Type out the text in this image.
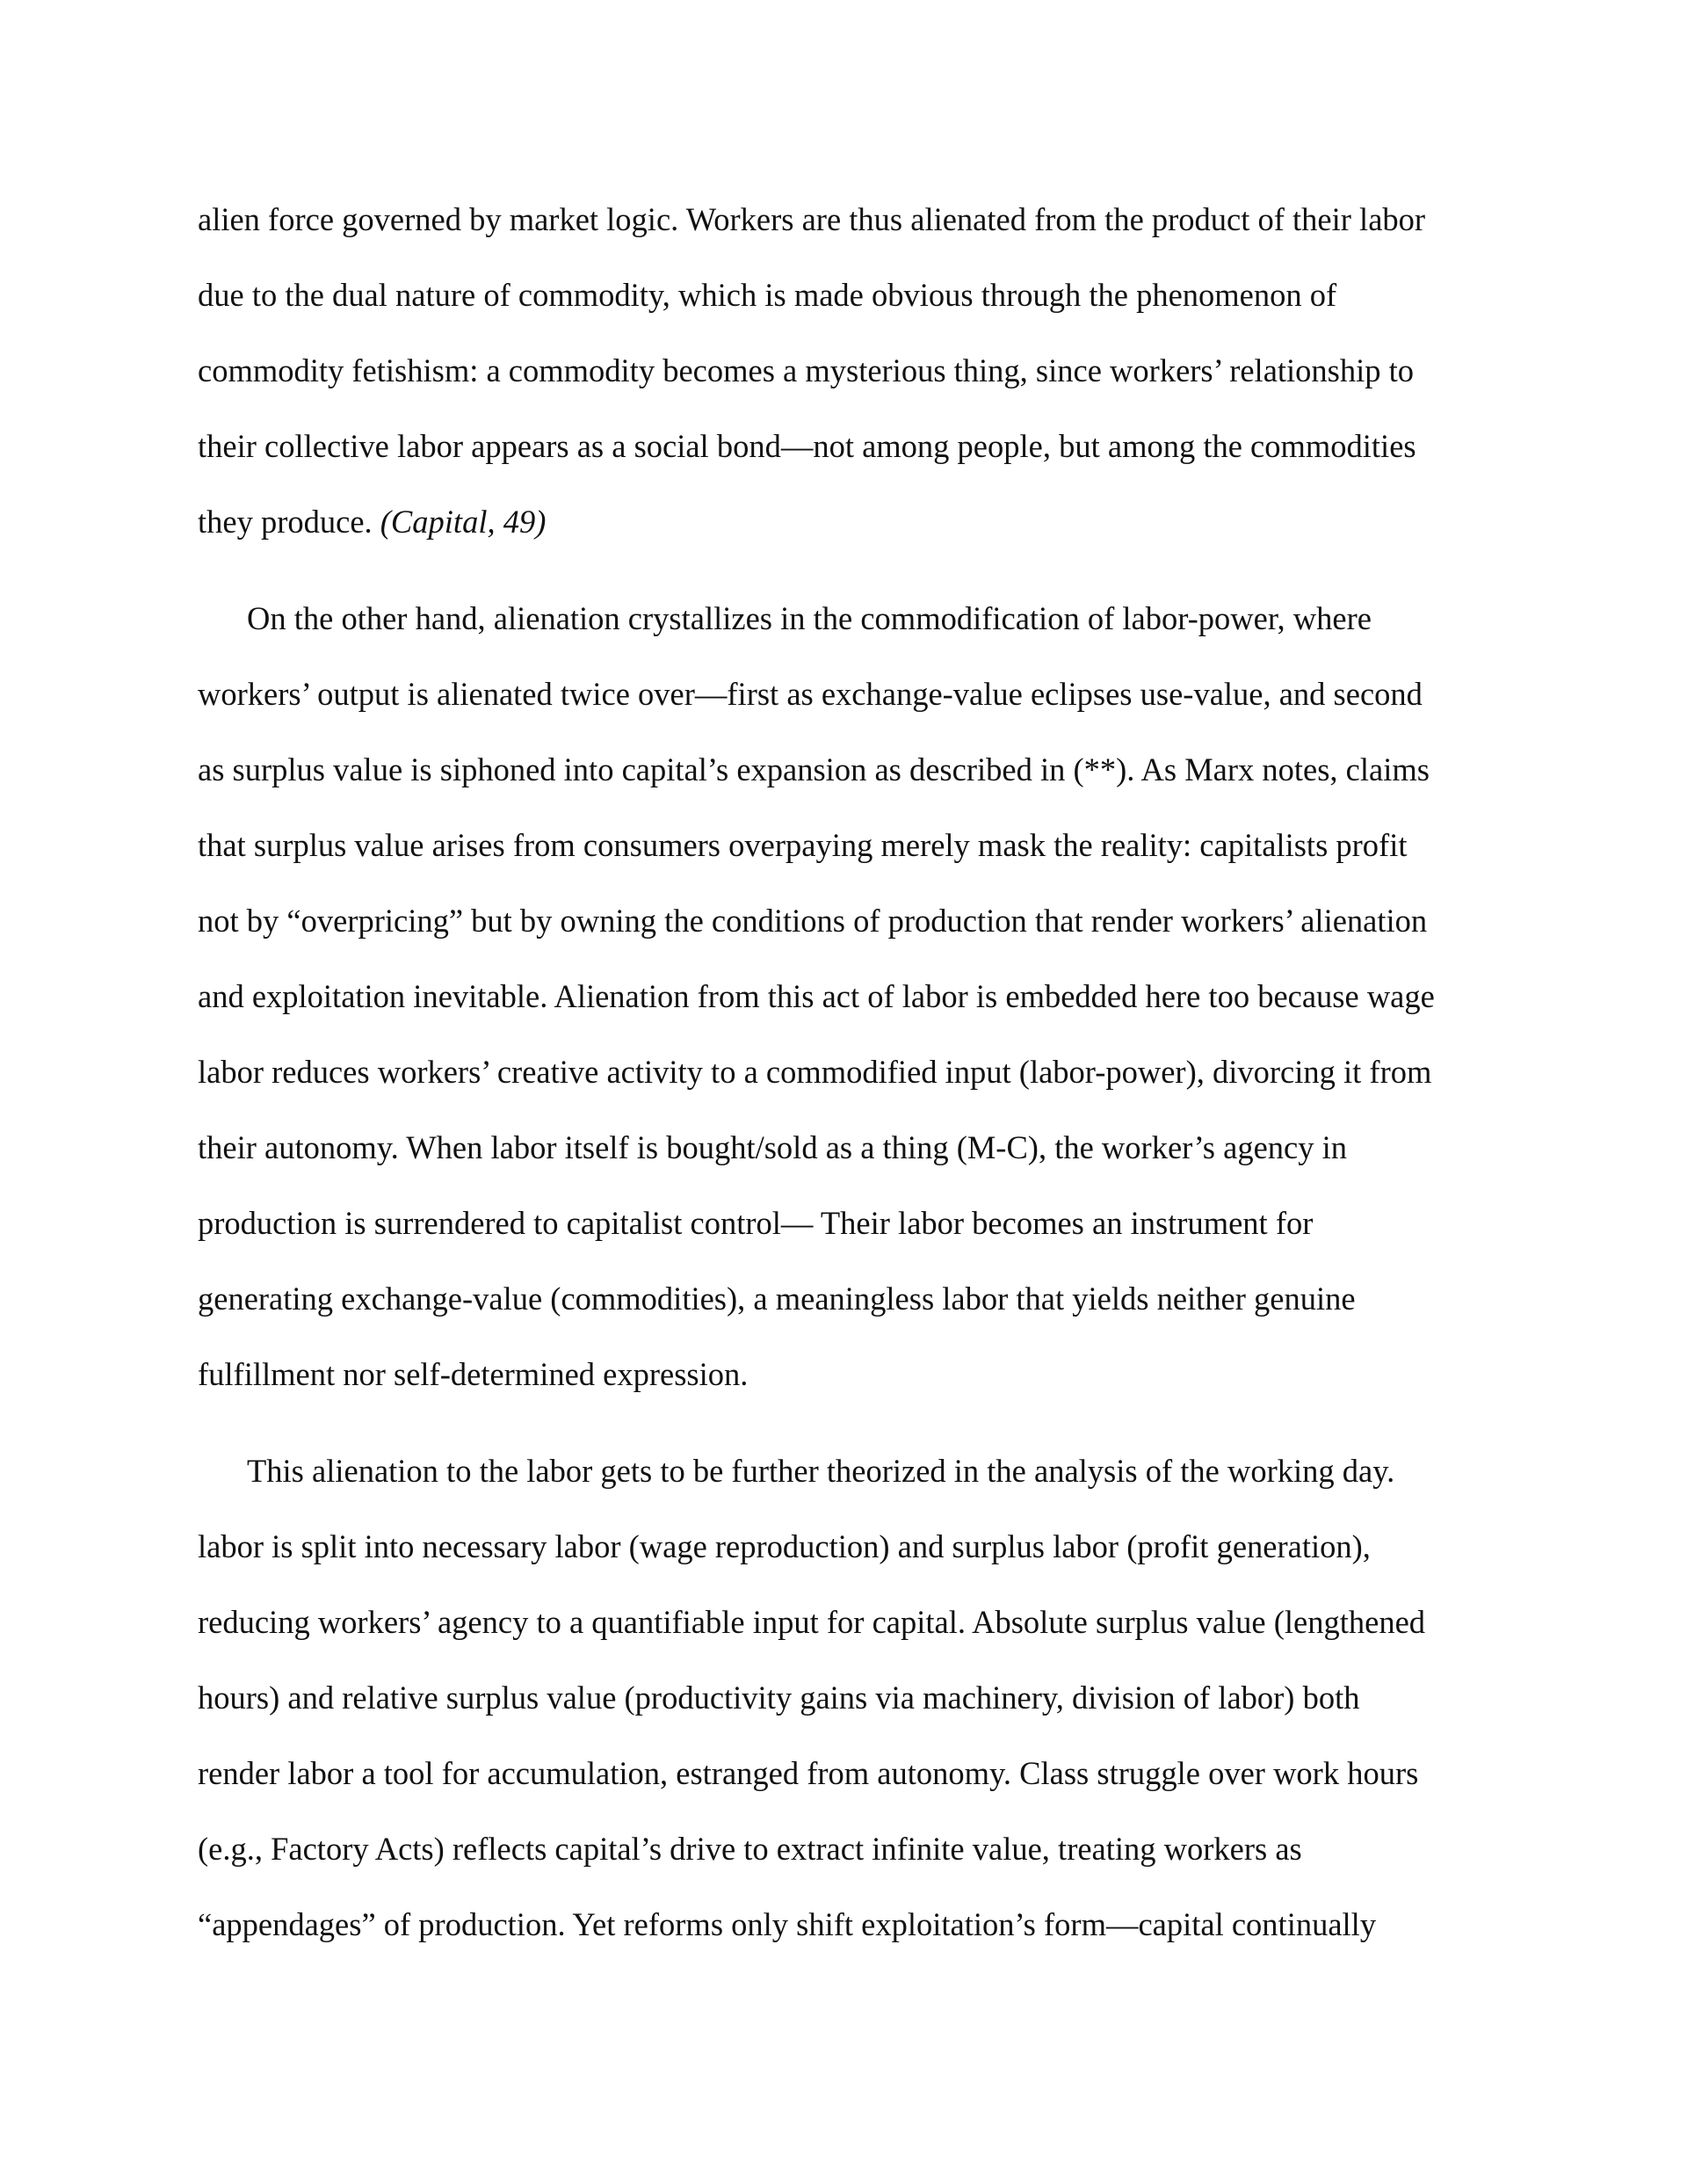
alien force governed by market logic. Workers are thus alienated from the product of their labor

due to the dual nature of commodity, which is made obvious through the phenomenon of

commodity fetishism: a commodity becomes a mysterious thing, since workers’ relationship to

their collective labor appears as a social bond—not among people, but among the commodities

they produce. (Capital, 49)

On the other hand, alienation crystallizes in the commodification of labor-power, where

workers’ output is alienated twice over—first as exchange-value eclipses use-value, and second

as surplus value is siphoned into capital’s expansion as described in (**). As Marx notes, claims

that surplus value arises from consumers overpaying merely mask the reality: capitalists profit

not by “overpricing” but by owning the conditions of production that render workers’ alienation

and exploitation inevitable. Alienation from this act of labor is embedded here too because wage

labor reduces workers’ creative activity to a commodified input (labor-power), divorcing it from

their autonomy. When labor itself is bought/sold as a thing (M-C), the worker’s agency in

production is surrendered to capitalist control— Their labor becomes an instrument for

generating exchange-value (commodities), a meaningless labor that yields neither genuine

fulfillment nor self-determined expression.

This alienation to the labor gets to be further theorized in the analysis of the working day.

labor is split into necessary labor (wage reproduction) and surplus labor (profit generation),

reducing workers’ agency to a quantifiable input for capital. Absolute surplus value (lengthened

hours) and relative surplus value (productivity gains via machinery, division of labor) both

render labor a tool for accumulation, estranged from autonomy. Class struggle over work hours

(e.g., Factory Acts) reflects capital’s drive to extract infinite value, treating workers as

“appendages” of production. Yet reforms only shift exploitation’s form—capital continually
